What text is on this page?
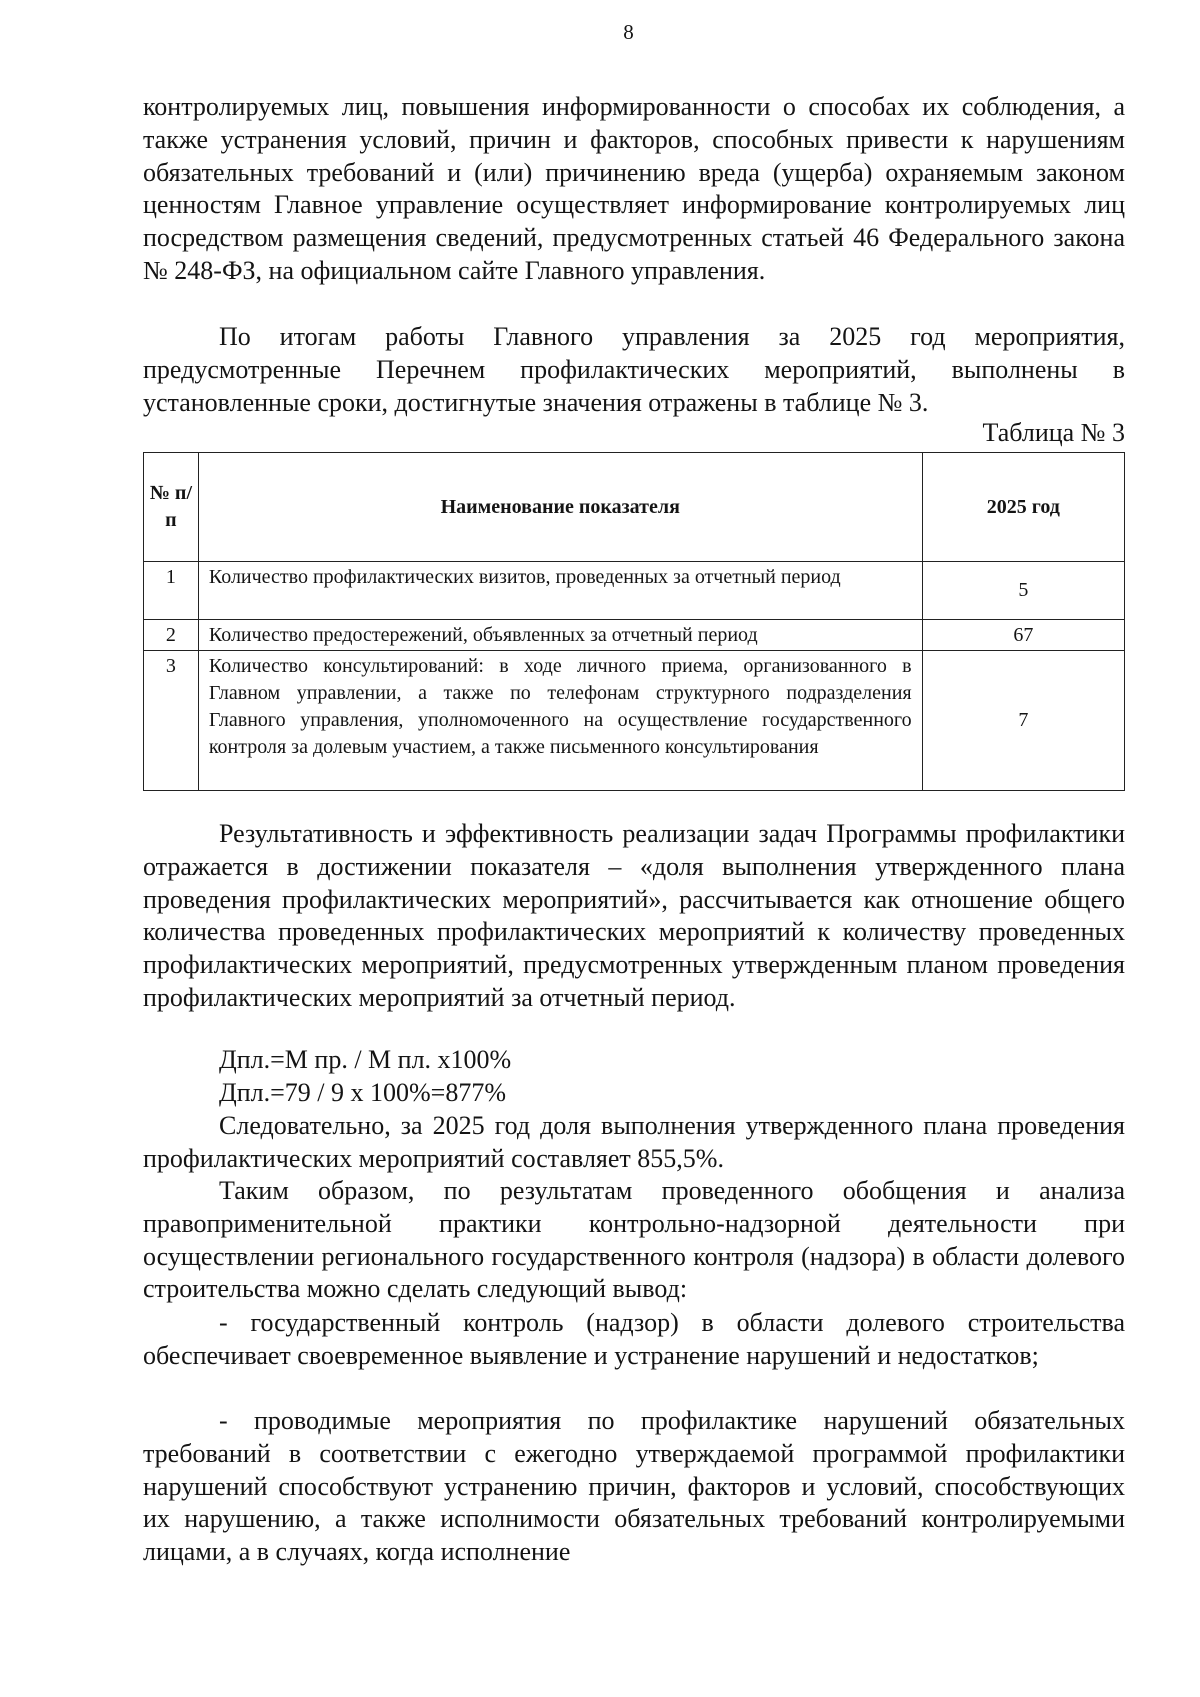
8

контролируемых лиц, повышения информированности о способах их соблюдения, а также устранения условий, причин и факторов, способных привести к нарушениям обязательных требований и (или) причинению вреда (ущерба) охраняемым законом ценностям Главное управление осуществляет информирование контролируемых лиц посредством размещения сведений, предусмотренных статьей 46 Федерального закона № 248-ФЗ, на официальном сайте Главного управления.

По итогам работы Главного управления за 2025 год мероприятия, предусмотренные Перечнем профилактических мероприятий, выполнены в установленные сроки, достигнутые значения отражены в таблице № 3.

Таблица № 3
№ п/ п	Наименование показателя	2025 год
1	Количество профилактических визитов, проведенных за отчетный период	5
2	Количество предостережений, объявленных за отчетный период	67
3	Количество консультирований: в ходе личного приема, организованного в Главном управлении, а также по телефонам структурного подразделения Главного управления, уполномоченного на осуществление государственного контроля за долевым участием, а также письменного консультирования	7

Результативность и эффективность реализации задач Программы профилактики отражается в достижении показателя – «доля выполнения утвержденного плана проведения профилактических мероприятий», рассчитывается как отношение общего количества проведенных профилактических мероприятий к количеству проведенных профилактических мероприятий, предусмотренных утвержденным планом проведения профилактических мероприятий за отчетный период.

Дпл.=М пр. / М пл. х100%
Дпл.=79 / 9 х 100%=877%

Следовательно, за 2025 год доля выполнения утвержденного плана проведения профилактических мероприятий составляет 855,5%.

Таким образом, по результатам проведенного обобщения и анализа правоприменительной практики контрольно-надзорной деятельности при осуществлении регионального государственного контроля (надзора) в области долевого строительства можно сделать следующий вывод:

- государственный контроль (надзор) в области долевого строительства обеспечивает своевременное выявление и устранение нарушений и недостатков;

- проводимые мероприятия по профилактике нарушений обязательных требований в соответствии с ежегодно утверждаемой программой профилактики нарушений способствуют устранению причин, факторов и условий, способствующих их нарушению, а также исполнимости обязательных требований контролируемыми лицами, а в случаях, когда исполнение
